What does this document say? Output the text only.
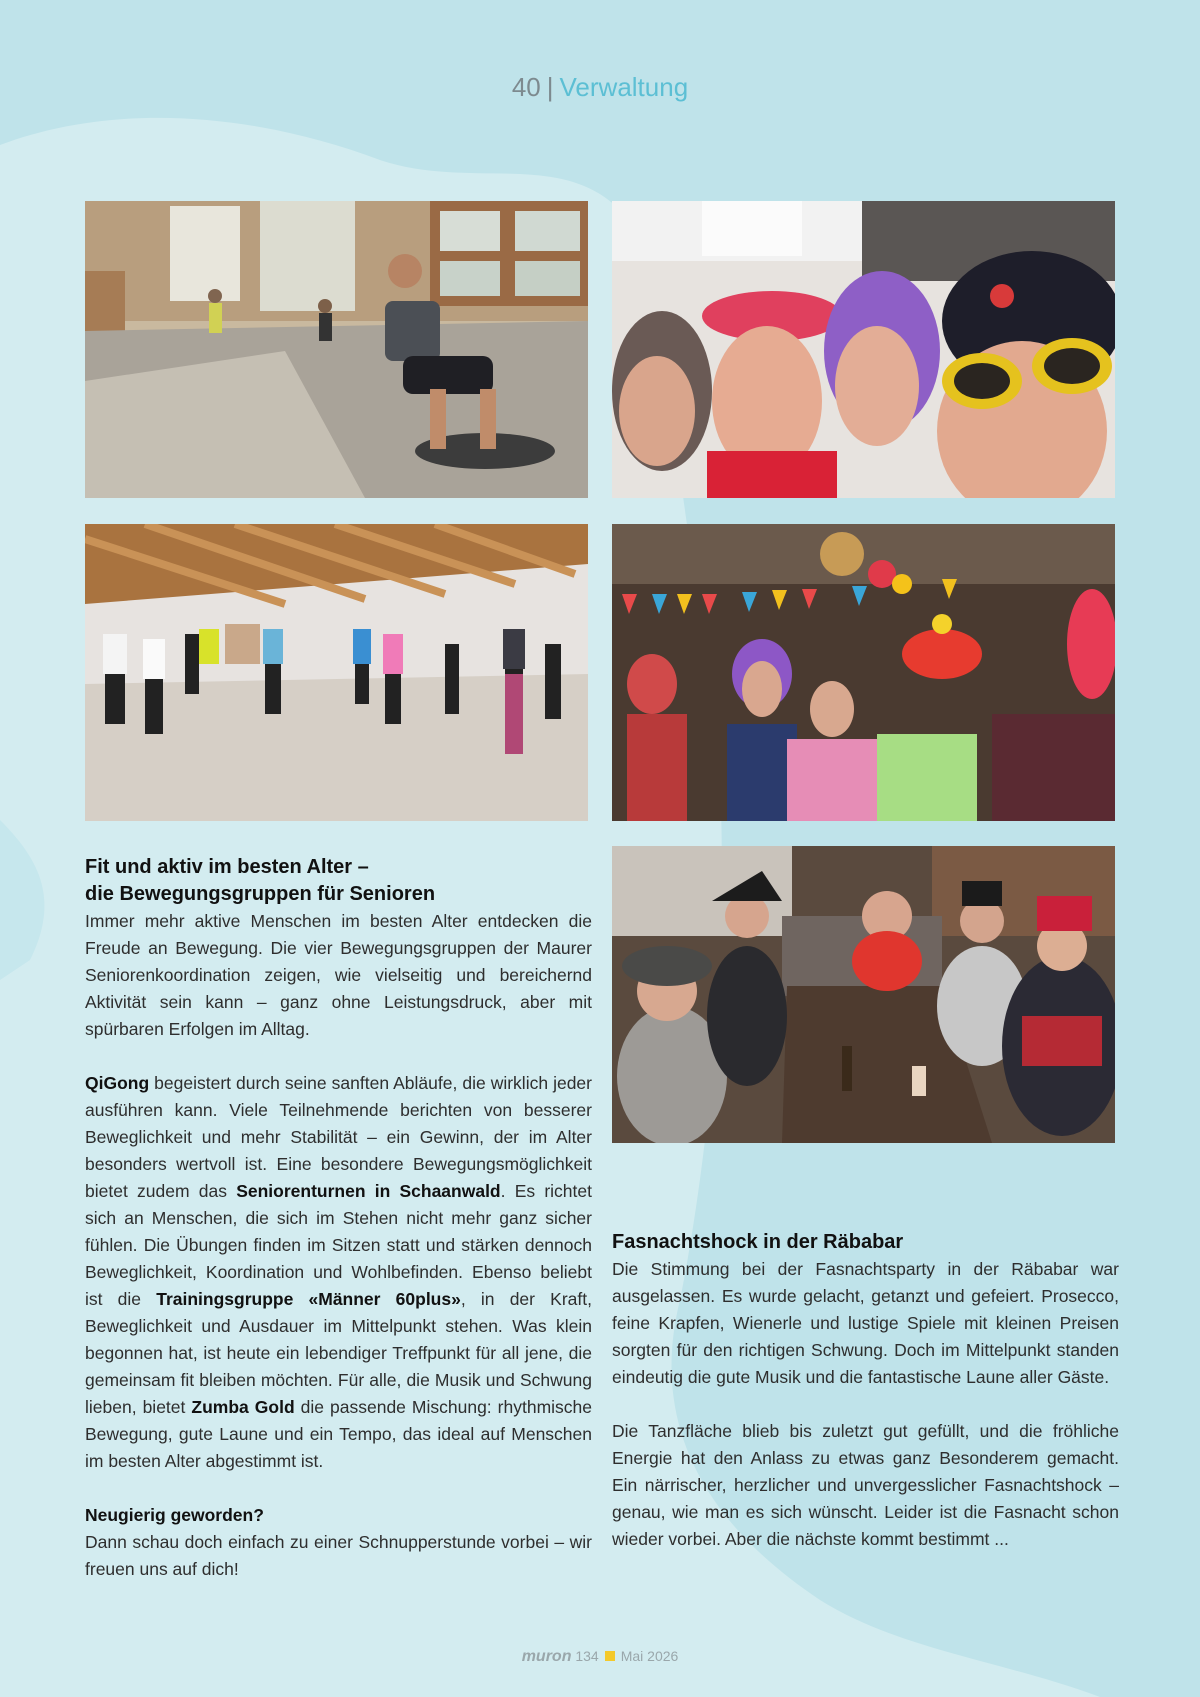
40 | Verwaltung
Fit und aktiv im besten Alter –
die Bewegungsgruppen für Senioren

Immer mehr aktive Menschen im besten Alter entdecken die Freude an Bewegung. Die vier Bewegungsgruppen der Maurer Seniorenkoordination zeigen, wie vielseitig und bereichernd Aktivität sein kann – ganz ohne Leistungsdruck, aber mit spürbaren Erfolgen im Alltag.

QiGong begeistert durch seine sanften Abläufe, die wirklich jeder ausführen kann. Viele Teilnehmende berichten von besserer Beweglichkeit und mehr Stabilität – ein Gewinn, der im Alter besonders wertvoll ist. Eine besondere Bewegungsmöglichkeit bietet zudem das Seniorenturnen in Schaanwald. Es richtet sich an Menschen, die sich im Stehen nicht mehr ganz sicher fühlen. Die Übungen finden im Sitzen statt und stärken dennoch Beweglichkeit, Koordination und Wohlbefinden. Ebenso beliebt ist die Trainingsgruppe «Männer 60plus», in der Kraft, Beweglichkeit und Ausdauer im Mittelpunkt stehen. Was klein begonnen hat, ist heute ein lebendiger Treffpunkt für all jene, die gemeinsam fit bleiben möchten. Für alle, die Musik und Schwung lieben, bietet Zumba Gold die passende Mischung: rhythmische Bewegung, gute Laune und ein Tempo, das ideal auf Menschen im besten Alter abgestimmt ist.

Neugierig geworden?

Dann schau doch einfach zu einer Schnupperstunde vorbei – wir freuen uns auf dich!

Fasnachtshock in der Räbabar

Die Stimmung bei der Fasnachtsparty in der Räbabar war ausgelassen. Es wurde gelacht, getanzt und gefeiert. Prosecco, feine Krapfen, Wienerle und lustige Spiele mit kleinen Preisen sorgten für den richtigen Schwung. Doch im Mittelpunkt standen eindeutig die gute Musik und die fantastische Laune aller Gäste.

Die Tanzfläche blieb bis zuletzt gut gefüllt, und die fröhliche Energie hat den Anlass zu etwas ganz Besonderem gemacht. Ein närrischer, herzlicher und unvergesslicher Fasnachtshock – genau, wie man es sich wünscht. Leider ist die Fasnacht schon wieder vorbei. Aber die nächste kommt bestimmt ...

muron 134 Mai 2026
